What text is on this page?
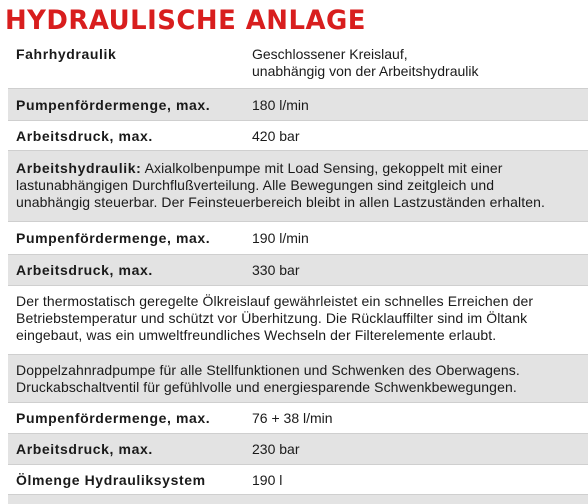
HYDRAULISCHE ANLAGE
Fahrhydraulik	Geschlossener Kreislauf,
unabhängig von der Arbeitshydraulik
Pumpenfördermenge, max.	180 l/min
Arbeitsdruck, max.	420 bar
Arbeitshydraulik: Axialkolbenpumpe mit Load Sensing, gekoppelt mit einer
lastunabhängigen Durchflußverteilung. Alle Bewegungen sind zeitgleich und
unabhängig steuerbar. Der Feinsteuerbereich bleibt in allen Lastzuständen erhalten.
Pumpenfördermenge, max.	190 l/min
Arbeitsdruck, max.	330 bar
Der thermostatisch geregelte Ölkreislauf gewährleistet ein schnelles Erreichen der
Betriebstemperatur und schützt vor Überhitzung. Die Rücklauffilter sind im Öltank
eingebaut, was ein umweltfreundliches Wechseln der Filterelemente erlaubt.
Doppelzahnradpumpe für alle Stellfunktionen und Schwenken des Oberwagens.
Druckabschaltventil für gefühlvolle und energiesparende Schwenkbewegungen.
Pumpenfördermenge, max.	76 + 38 l/min
Arbeitsdruck, max.	230 bar
Ölmenge Hydrauliksystem	190 l
